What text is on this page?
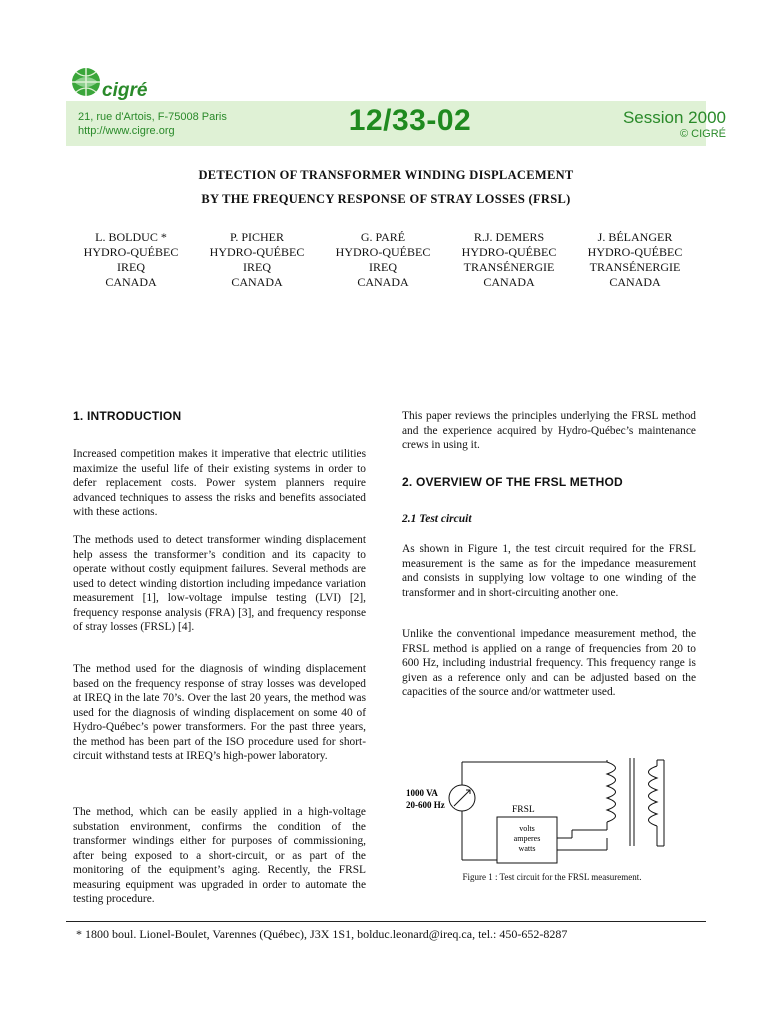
cigré
21, rue d'Artois, F-75008 Paris
http://www.cigre.org	12/33-02	Session 2000
© CIGRÉ
DETECTION OF TRANSFORMER WINDING DISPLACEMENT
BY THE FREQUENCY RESPONSE OF STRAY LOSSES (FRSL)
L. BOLDUC *
HYDRO-QUÉBEC
IREQ
CANADA
P. PICHER
HYDRO-QUÉBEC
IREQ
CANADA
G. PARÉ
HYDRO-QUÉBEC
IREQ
CANADA
R.J. DEMERS
HYDRO-QUÉBEC
TRANSÉNERGIE
CANADA
J. BÉLANGER
HYDRO-QUÉBEC
TRANSÉNERGIE
CANADA
1. INTRODUCTION
Increased competition makes it imperative that electric utilities maximize the useful life of their existing systems in order to defer replacement costs. Power system planners require advanced techniques to assess the risks and benefits associated with these actions.
The methods used to detect transformer winding displacement help assess the transformer’s condition and its capacity to operate without costly equipment failures. Several methods are used to detect winding distortion including impedance variation measurement [1], low-voltage impulse testing (LVI) [2], frequency response analysis (FRA) [3], and frequency response of stray losses (FRSL) [4].
The method used for the diagnosis of winding displacement based on the frequency response of stray losses was developed at IREQ in the late 70’s. Over the last 20 years, the method was used for the diagnosis of winding displacement on some 40 of Hydro-Québec’s power transformers. For the past three years, the method has been part of the ISO procedure used for short-circuit withstand tests at IREQ’s high-power laboratory.
The method, which can be easily applied in a high-voltage substation environment, confirms the condition of the transformer windings either for purposes of commissioning, after being exposed to a short-circuit, or as part of the monitoring of the equipment’s aging. Recently, the FRSL measuring equipment was upgraded in order to automate the testing procedure.
This paper reviews the principles underlying the FRSL method and the experience acquired by Hydro-Québec’s maintenance crews in using it.
2. OVERVIEW OF THE FRSL METHOD
2.1 Test circuit
As shown in Figure 1, the test circuit required for the FRSL measurement is the same as for the impedance measurement and consists in supplying low voltage to one winding of the transformer and in short-circuiting another one.
Unlike the conventional impedance measurement method, the FRSL method is applied on a range of frequencies from 20 to 600 Hz, including industrial frequency. This frequency range is given as a reference only and can be adjusted based on the capacities of the source and/or wattmeter used.
1000 VA
20-600 Hz	FRSL
volts
amperes
watts
Figure 1 : Test circuit for the FRSL measurement.
* 1800 boul. Lionel-Boulet, Varennes (Québec), J3X 1S1, bolduc.leonard@ireq.ca, tel.: 450-652-8287
